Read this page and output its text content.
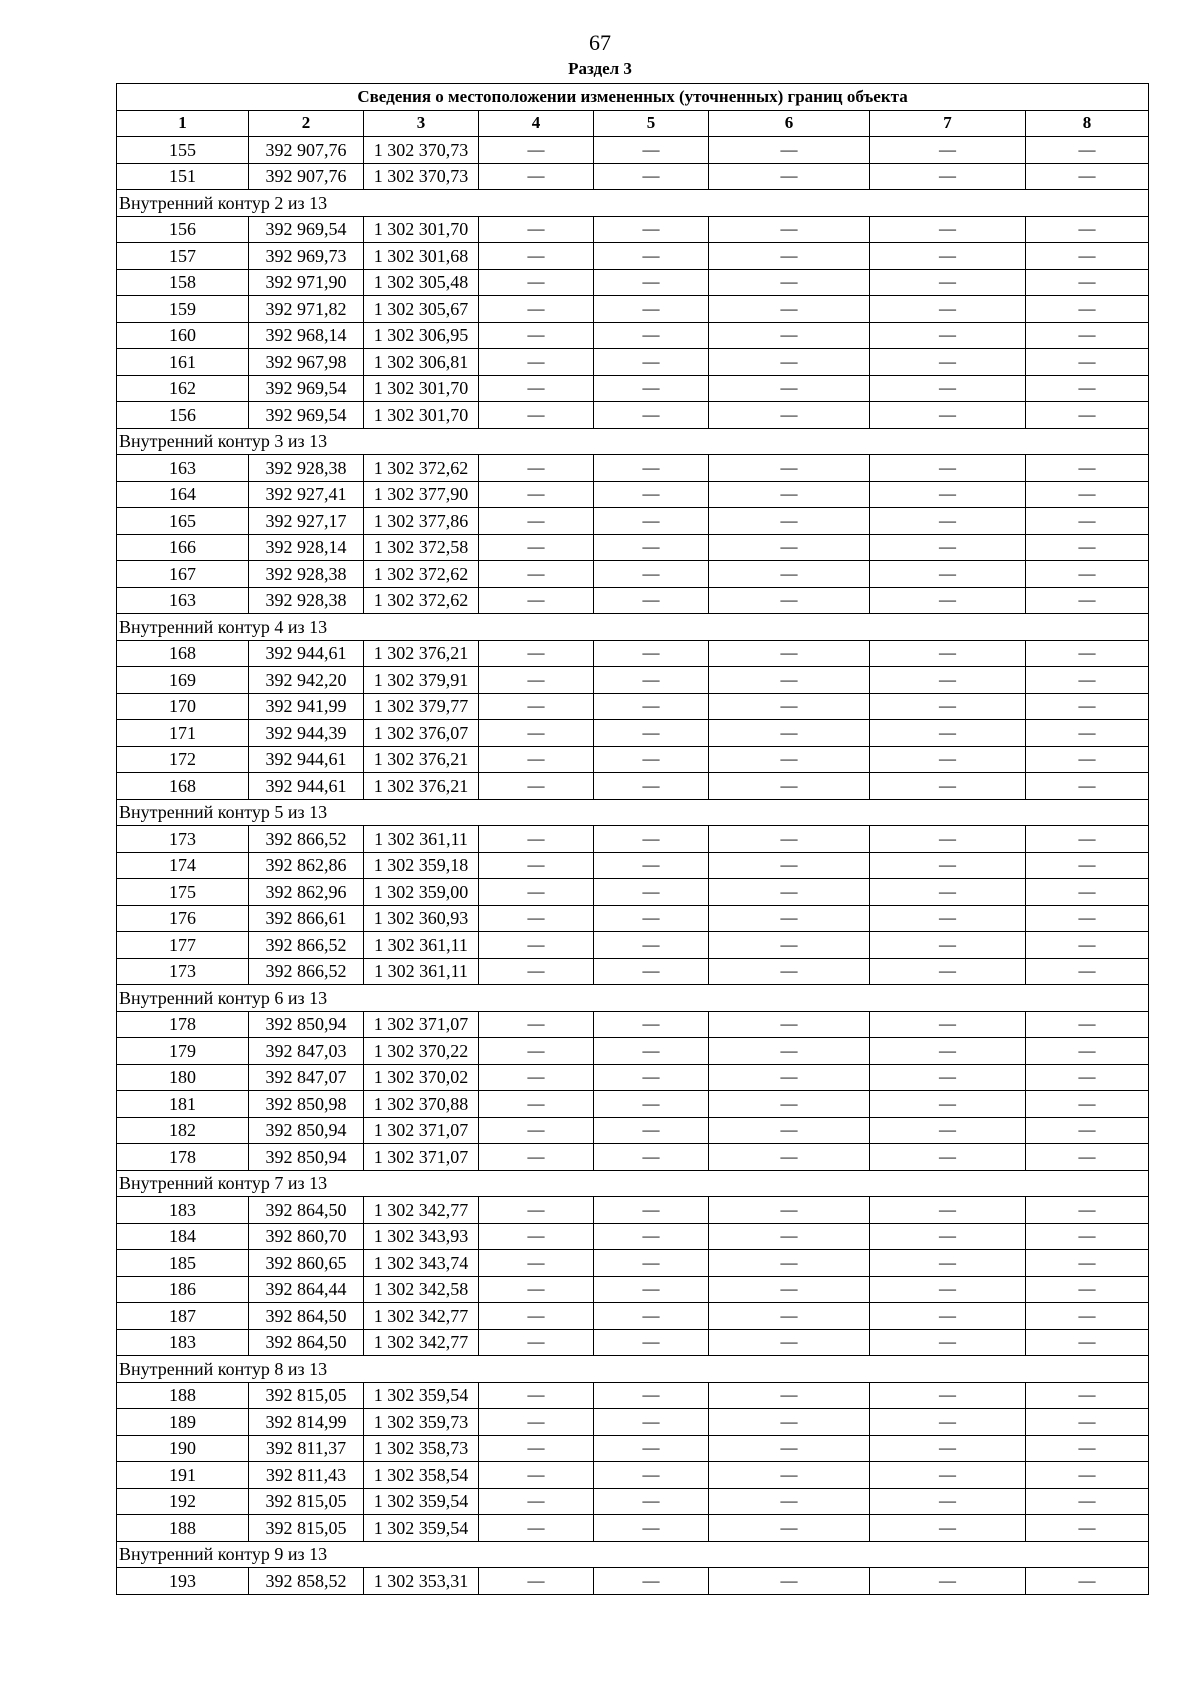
67
Раздел 3
Сведения о местоположении измененных (уточненных) границ объекта							
1	2	3	4	5	6	7	8
155	392 907,76	1 302 370,73	—	—	—	—	—
151	392 907,76	1 302 370,73	—	—	—	—	—
Внутренний контур 2 из 13							
156	392 969,54	1 302 301,70	—	—	—	—	—
157	392 969,73	1 302 301,68	—	—	—	—	—
158	392 971,90	1 302 305,48	—	—	—	—	—
159	392 971,82	1 302 305,67	—	—	—	—	—
160	392 968,14	1 302 306,95	—	—	—	—	—
161	392 967,98	1 302 306,81	—	—	—	—	—
162	392 969,54	1 302 301,70	—	—	—	—	—
156	392 969,54	1 302 301,70	—	—	—	—	—
Внутренний контур 3 из 13							
163	392 928,38	1 302 372,62	—	—	—	—	—
164	392 927,41	1 302 377,90	—	—	—	—	—
165	392 927,17	1 302 377,86	—	—	—	—	—
166	392 928,14	1 302 372,58	—	—	—	—	—
167	392 928,38	1 302 372,62	—	—	—	—	—
163	392 928,38	1 302 372,62	—	—	—	—	—
Внутренний контур 4 из 13							
168	392 944,61	1 302 376,21	—	—	—	—	—
169	392 942,20	1 302 379,91	—	—	—	—	—
170	392 941,99	1 302 379,77	—	—	—	—	—
171	392 944,39	1 302 376,07	—	—	—	—	—
172	392 944,61	1 302 376,21	—	—	—	—	—
168	392 944,61	1 302 376,21	—	—	—	—	—
Внутренний контур 5 из 13							
173	392 866,52	1 302 361,11	—	—	—	—	—
174	392 862,86	1 302 359,18	—	—	—	—	—
175	392 862,96	1 302 359,00	—	—	—	—	—
176	392 866,61	1 302 360,93	—	—	—	—	—
177	392 866,52	1 302 361,11	—	—	—	—	—
173	392 866,52	1 302 361,11	—	—	—	—	—
Внутренний контур 6 из 13							
178	392 850,94	1 302 371,07	—	—	—	—	—
179	392 847,03	1 302 370,22	—	—	—	—	—
180	392 847,07	1 302 370,02	—	—	—	—	—
181	392 850,98	1 302 370,88	—	—	—	—	—
182	392 850,94	1 302 371,07	—	—	—	—	—
178	392 850,94	1 302 371,07	—	—	—	—	—
Внутренний контур 7 из 13							
183	392 864,50	1 302 342,77	—	—	—	—	—
184	392 860,70	1 302 343,93	—	—	—	—	—
185	392 860,65	1 302 343,74	—	—	—	—	—
186	392 864,44	1 302 342,58	—	—	—	—	—
187	392 864,50	1 302 342,77	—	—	—	—	—
183	392 864,50	1 302 342,77	—	—	—	—	—
Внутренний контур 8 из 13							
188	392 815,05	1 302 359,54	—	—	—	—	—
189	392 814,99	1 302 359,73	—	—	—	—	—
190	392 811,37	1 302 358,73	—	—	—	—	—
191	392 811,43	1 302 358,54	—	—	—	—	—
192	392 815,05	1 302 359,54	—	—	—	—	—
188	392 815,05	1 302 359,54	—	—	—	—	—
Внутренний контур 9 из 13							
193	392 858,52	1 302 353,31	—	—	—	—	—
